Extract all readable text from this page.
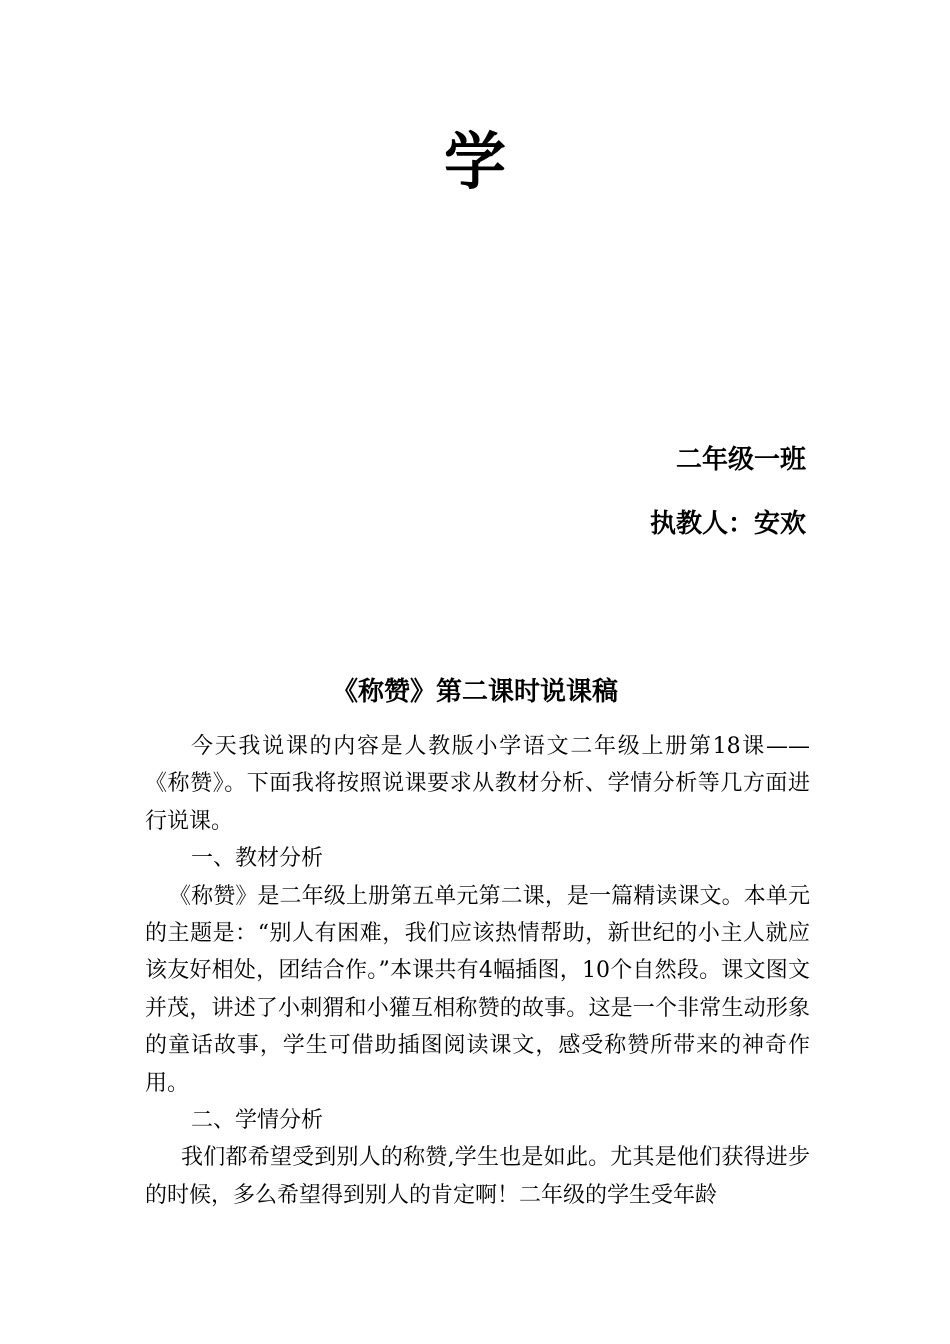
学
二年级一班
执教人：安欢
《称赞》第二课时说课稿

今天我说课的内容是人教版小学语文二年级上册第18课——《称赞》。下面我将按照说课要求从教材分析、学情分析等几方面进行说课。

一、教材分析

《称赞》是二年级上册第五单元第二课，是一篇精读课文。本单元的主题是：“别人有困难，我们应该热情帮助，新世纪的小主人就应该友好相处，团结合作。”本课共有4幅插图，10个自然段。课文图文并茂，讲述了小刺猬和小獾互相称赞的故事。这是一个非常生动形象的童话故事，学生可借助插图阅读课文，感受称赞所带来的神奇作用。

二、学情分析

我们都希望受到别人的称赞,学生也是如此。尤其是他们获得进步的时候，多么希望得到别人的肯定啊！二年级的学生受年龄
